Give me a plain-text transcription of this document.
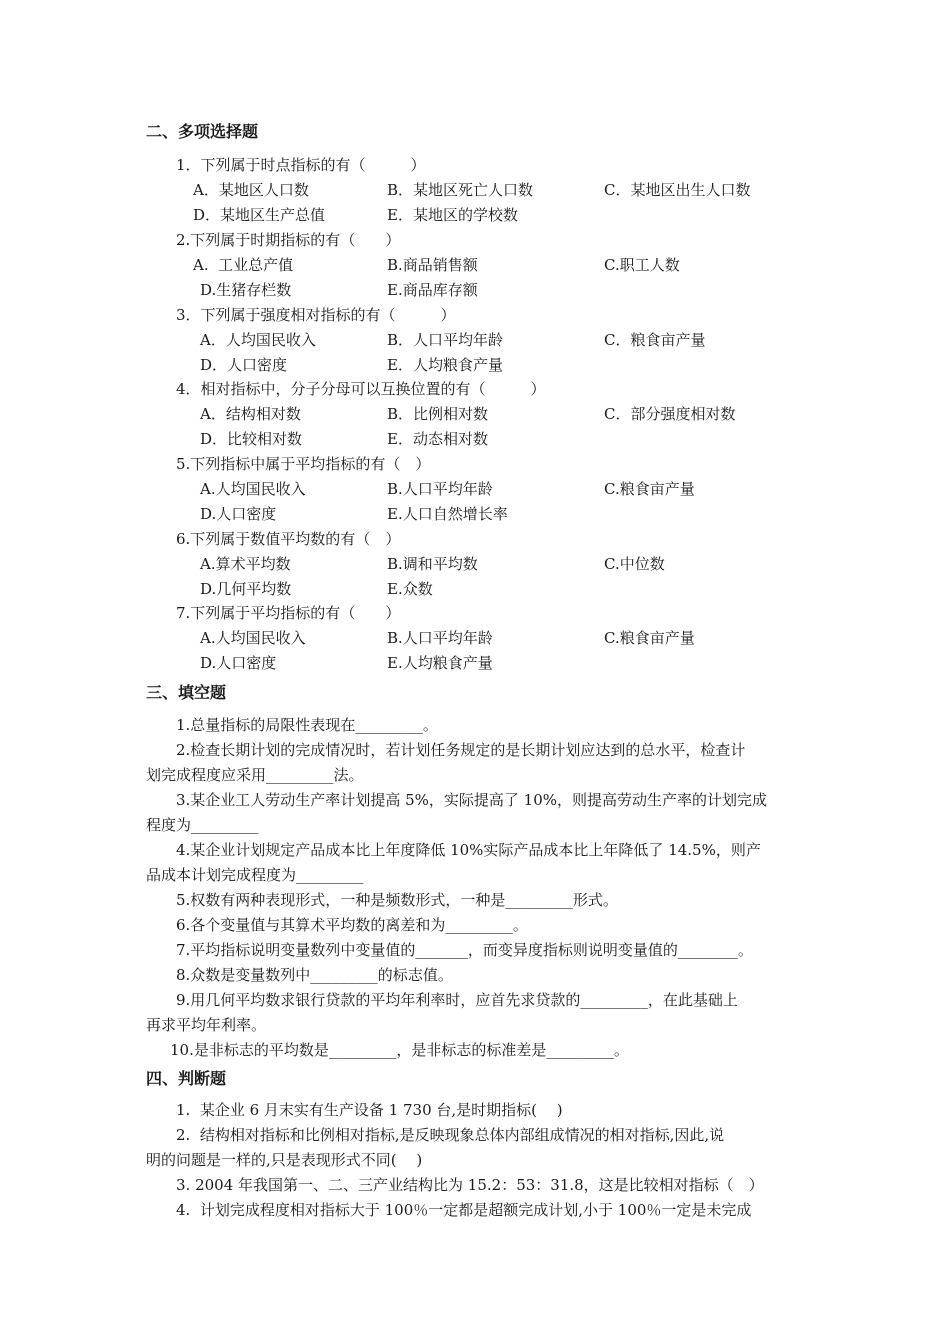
二、多项选择题
1．下列属于时点指标的有（　　　）
A．某地区人口数	B．某地区死亡人口数	C．某地区出生人口数
D．某地区生产总值	E．某地区的学校数
2.下列属于时期指标的有（　　）
A.  工业总产值	B.商品销售额	C.职工人数
D.生猪存栏数	E.商品库存额
3．下列属于强度相对指标的有（　　　）
A．人均国民收入	B．人口平均年龄	C．粮食亩产量
D．人口密度	E．人均粮食产量
4．相对指标中，分子分母可以互换位置的有（　　　）
A．结构相对数	B．比例相对数	C．部分强度相对数
D．比较相对数	E．动态相对数
5.下列指标中属于平均指标的有（　）
A.人均国民收入	B.人口平均年龄	C.粮食亩产量
D.人口密度	E.人口自然增长率
6.下列属于数值平均数的有（　）
A.算术平均数	B.调和平均数	C.中位数
D.几何平均数	E.众数
7.下列属于平均指标的有（　　）
A.人均国民收入	B.人口平均年龄	C.粮食亩产量
D.人口密度	E.人均粮食产量
三、填空题
1.总量指标的局限性表现在_________。
2.检查长期计划的完成情况时，若计划任务规定的是长期计划应达到的总水平，检查计
划完成程度应采用_________法。
3.某企业工人劳动生产率计划提高 5%，实际提高了 10%，则提高劳动生产率的计划完成
程度为_________
4.某企业计划规定产品成本比上年度降低 10%实际产品成本比上年降低了 14.5%，则产
品成本计划完成程度为_________
5.权数有两种表现形式，一种是频数形式，一种是_________形式。
6.各个变量值与其算术平均数的离差和为_________。
7.平均指标说明变量数列中变量值的_______，而变异度指标则说明变量值的________。
8.众数是变量数列中_________的标志值。
9.用几何平均数求银行贷款的平均年利率时，应首先求贷款的_________，在此基础上
再求平均年利率。
10.是非标志的平均数是_________，是非标志的标准差是_________。
四、判断题
1.  某企业 6 月末实有生产设备 1 730 台,是时期指标(　 )
2.  结构相对指标和比例相对指标,是反映现象总体内部组成情况的相对指标,因此,说
明的问题是一样的,只是表现形式不同(　 )
3. 2004 年我国第一、二、三产业结构比为 15.2：53：31.8，这是比较相对指标（　）
4.  计划完成程度相对指标大于 100％一定都是超额完成计划,小于 100％一定是未完成
